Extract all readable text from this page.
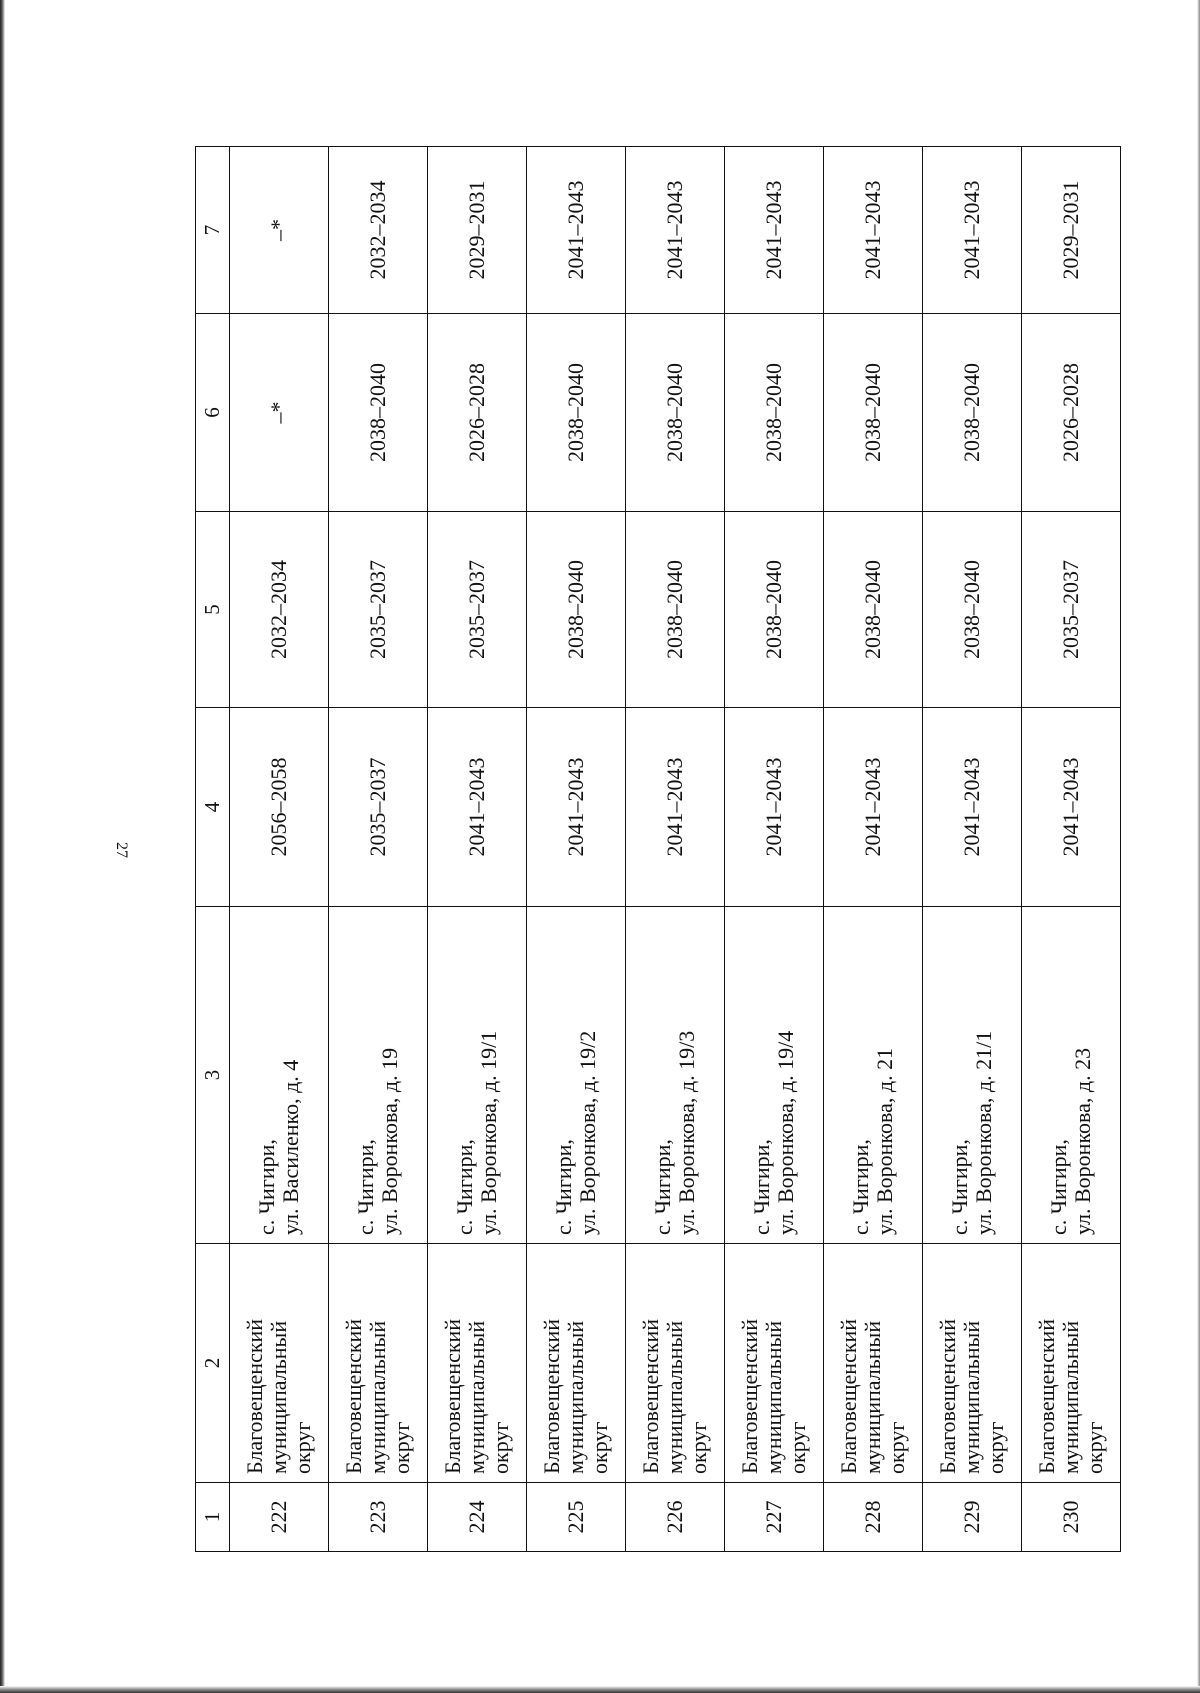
27
1	2	3	4	5	6	7
222	Благовещенский муниципальный округ	с. Чигири, ул. Василенко, д. 4	2056–2058	2032–2034	–*	–*
223	Благовещенский муниципальный округ	с. Чигири, ул. Воронкова, д. 19	2035–2037	2035–2037	2038–2040	2032–2034
224	Благовещенский муниципальный округ	с. Чигири, ул. Воронкова, д. 19/1	2041–2043	2035–2037	2026–2028	2029–2031
225	Благовещенский муниципальный округ	с. Чигири, ул. Воронкова, д. 19/2	2041–2043	2038–2040	2038–2040	2041–2043
226	Благовещенский муниципальный округ	с. Чигири, ул. Воронкова, д. 19/3	2041–2043	2038–2040	2038–2040	2041–2043
227	Благовещенский муниципальный округ	с. Чигири, ул. Воронкова, д. 19/4	2041–2043	2038–2040	2038–2040	2041–2043
228	Благовещенский муниципальный округ	с. Чигири, ул. Воронкова, д. 21	2041–2043	2038–2040	2038–2040	2041–2043
229	Благовещенский муниципальный округ	с. Чигири, ул. Воронкова, д. 21/1	2041–2043	2038–2040	2038–2040	2041–2043
230	Благовещенский муниципальный округ	с. Чигири, ул. Воронкова, д. 23	2041–2043	2035–2037	2026–2028	2029–2031
